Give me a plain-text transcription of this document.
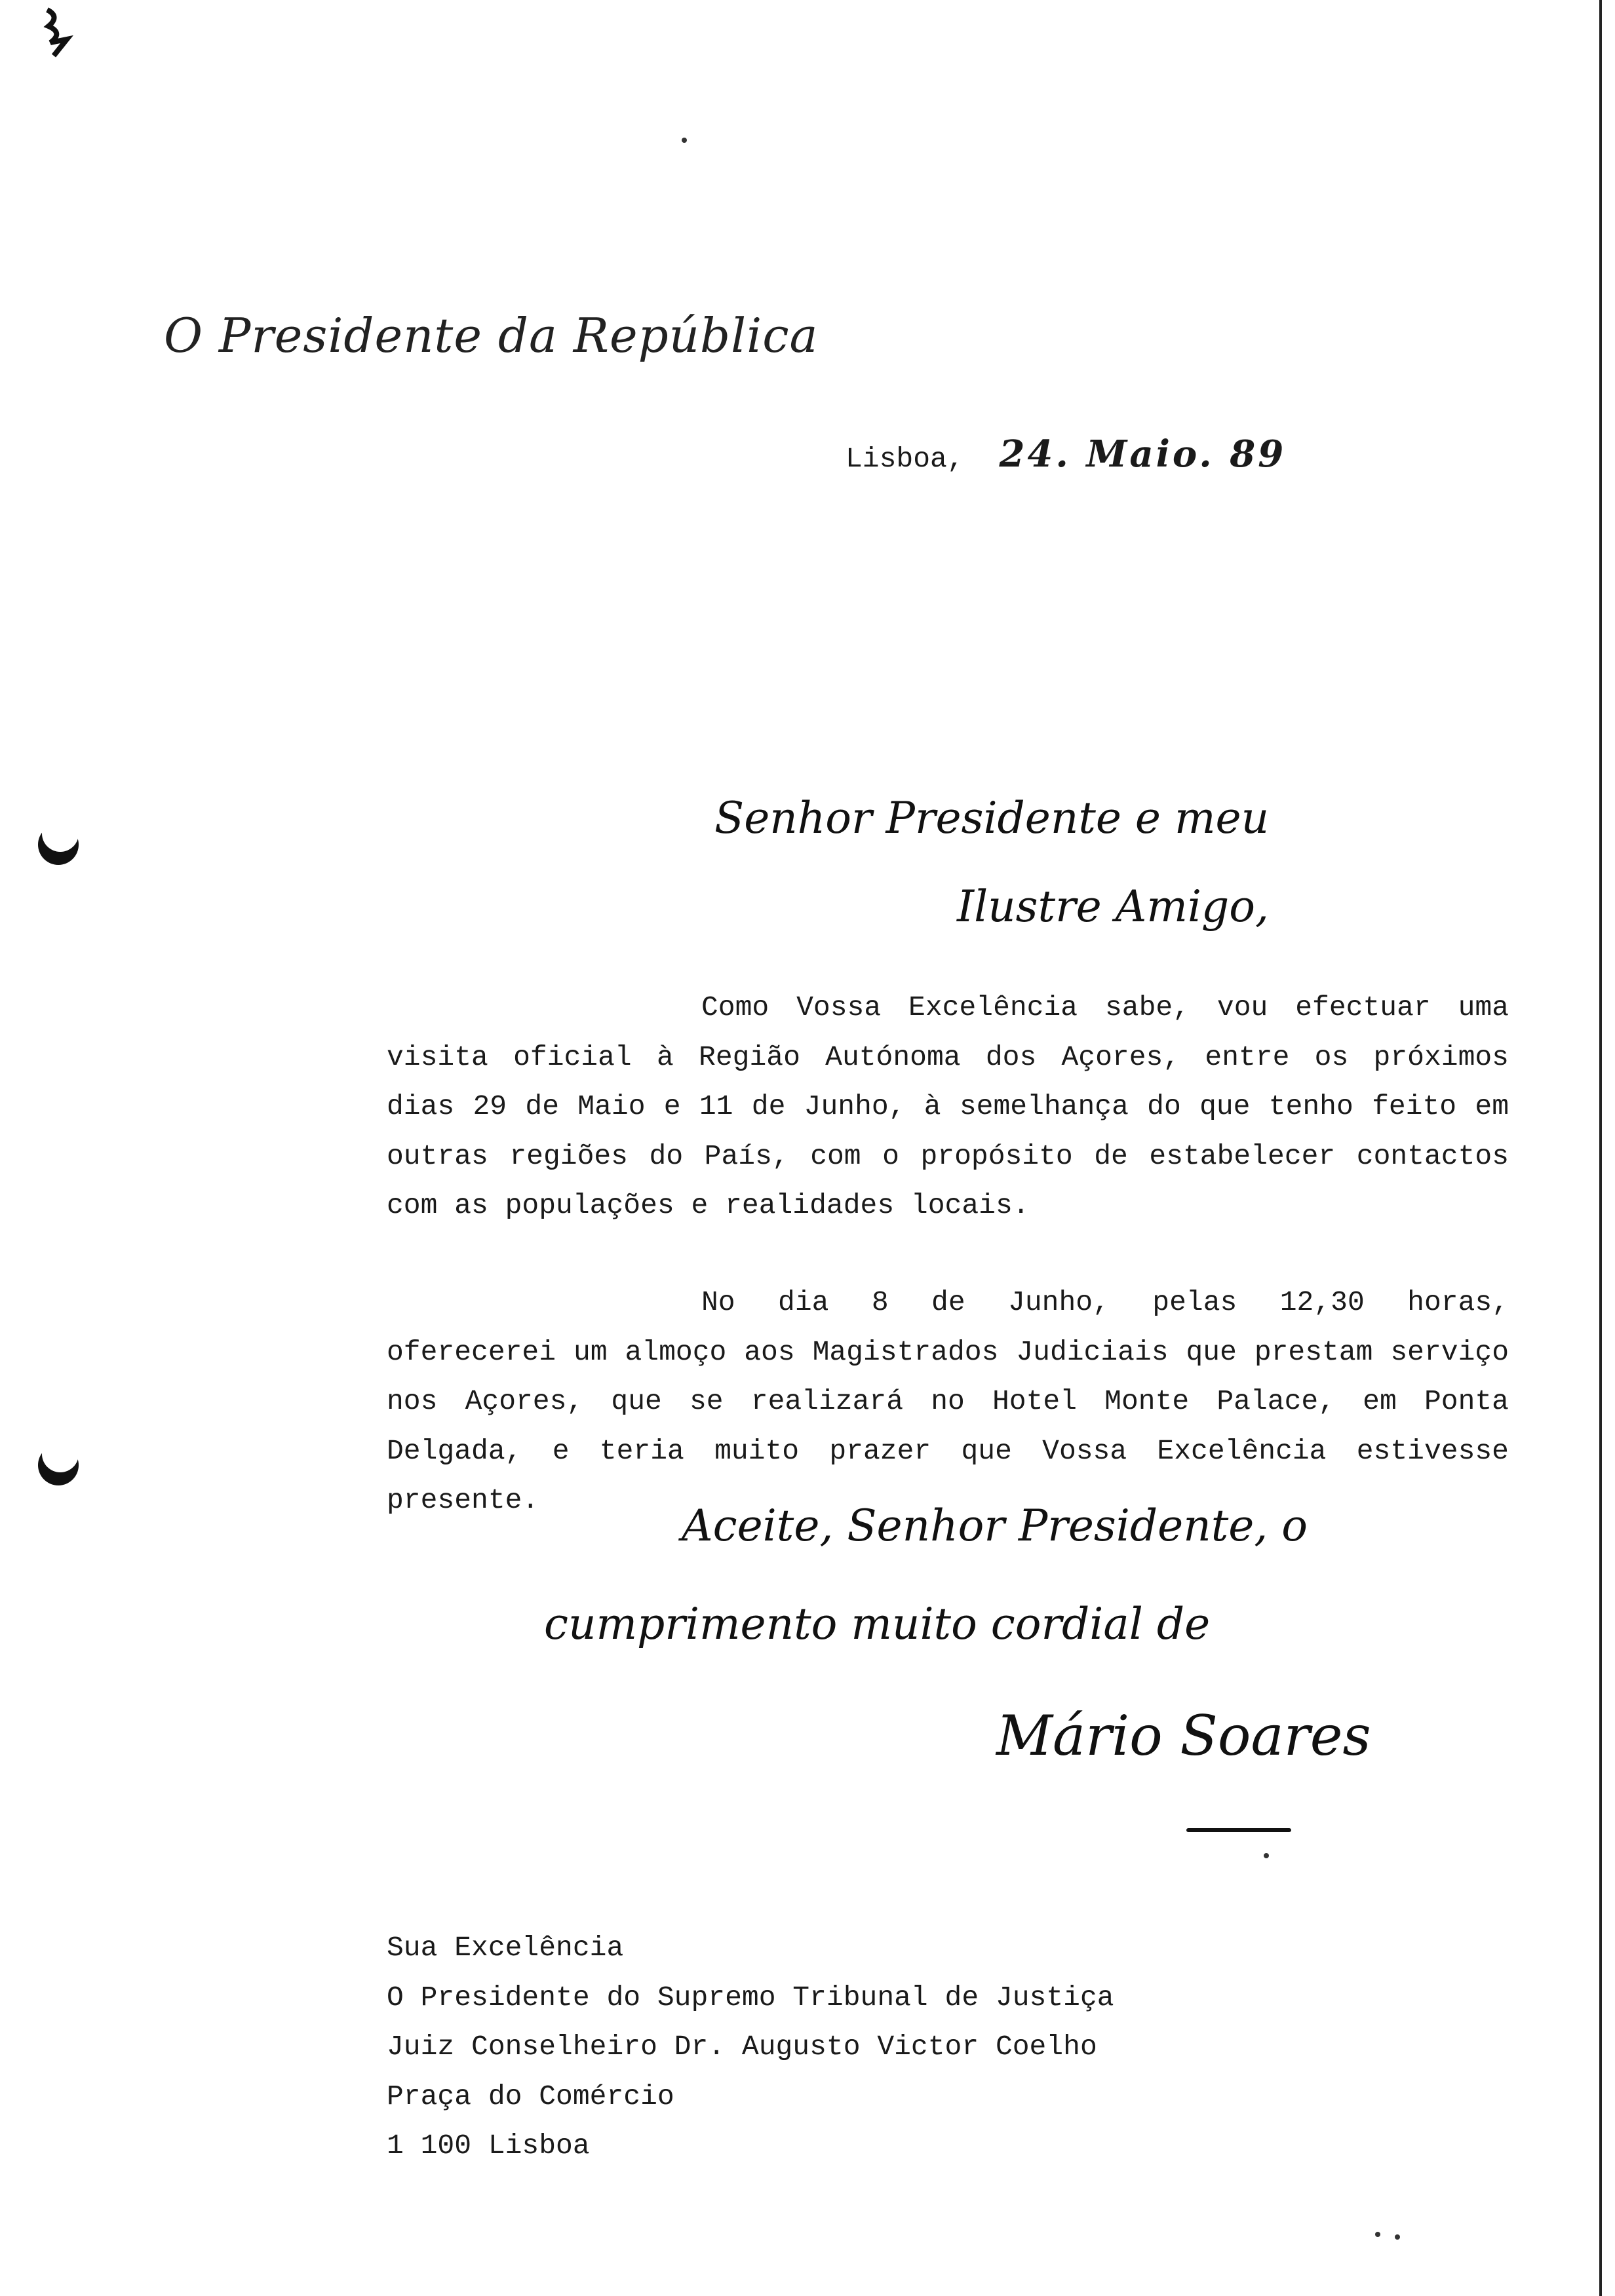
O Presidente da República
Lisboa, 24. Maio. 89
Senhor Presidente e meu
Ilustre Amigo,
Como Vossa Excelência sabe, vou efectuar uma visita oficial à Região Autónoma dos Açores, entre os próximos dias 29 de Maio e 11 de Junho, à semelhança do que tenho feito em outras regiões do País, com o propósito de estabelecer contactos com as populações e realidades locais.
No dia 8 de Junho, pelas 12,30 horas, oferecerei um almoço aos Magistrados Judiciais que prestam serviço nos Açores, que se realizará no Hotel Monte Palace, em Ponta Delgada, e teria muito prazer que Vossa Excelência estivesse presente.
Aceite, Senhor Presidente, o
cumprimento muito cordial de
Mário Soares
Sua Excelência
O Presidente do Supremo Tribunal de Justiça
Juiz Conselheiro Dr. Augusto Victor Coelho
Praça do Comércio
1 100 Lisboa
